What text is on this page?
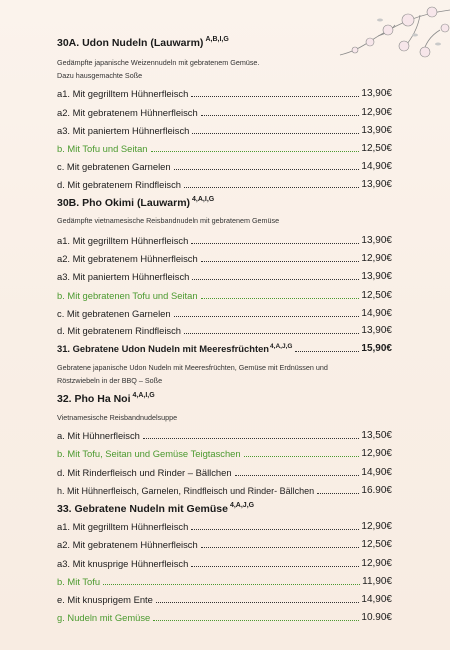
30A. Udon Nudeln (Lauwarm) $^{A,B,I,G}$
Gedämpfte japanische Weizennudeln mit gebratenem Gemüse.
Dazu hausgemachte Soße
a1. Mit gegrilltem Hühnerfleisch	13,90€
a2. Mit gebratenem Hühnerfleisch	12,90€
a3. Mit paniertem Hühnerfleisch	13,90€
b. Mit Tofu und Seitan	12,50€
c. Mit gebratenen Garnelen	14,90€
d. Mit gebratenem Rindfleisch	13,90€
30B. Pho Okimi (Lauwarm) $^{4,A,I,G}$
Gedämpfte vietnamesische Reisbandnudeln mit gebratenem Gemüse
a1. Mit gegrilltem Hühnerfleisch	13,90€
a2. Mit gebratenem Hühnerfleisch	12,90€
a3. Mit paniertem Hühnerfleisch	13,90€
b. Mit gebratenen Tofu und Seitan	12,50€
c. Mit gebratenen Garnelen	14,90€
d. Mit gebratenem Rindfleisch	13,90€
31. Gebratene Udon Nudeln mit Meeresfrüchten$^{4,A,J,G}$	15,90€
Gebratene japanische Udon Nudeln mit Meeresfrüchten, Gemüse mit Erdnüssen und
Röstzwiebeln in der BBQ – Soße
32. Pho Ha Noi $^{4,A,I,G}$
Vietnamesische Reisbandnudelsuppe
a. Mit Hühnerfleisch	13,50€
b. Mit Tofu, Seitan und Gemüse Teigtaschen	12,90€
d. Mit Rinderfleisch und Rinder – Bällchen	14,90€
h. Mit Hühnerfleisch, Garnelen, Rindfleisch und Rinder- Bällchen	16.90€
33. Gebratene Nudeln mit Gemüse $^{4,A,J,G}$
a1. Mit gegrilltem Hühnerfleisch	12,90€
a2. Mit gebratenem Hühnerfleisch	12,50€
a3. Mit knusprige Hühnerfleisch	12,90€
b. Mit Tofu	11,90€
e. Mit knusprigem Ente	14,90€
g. Nudeln mit Gemüse	10.90€
